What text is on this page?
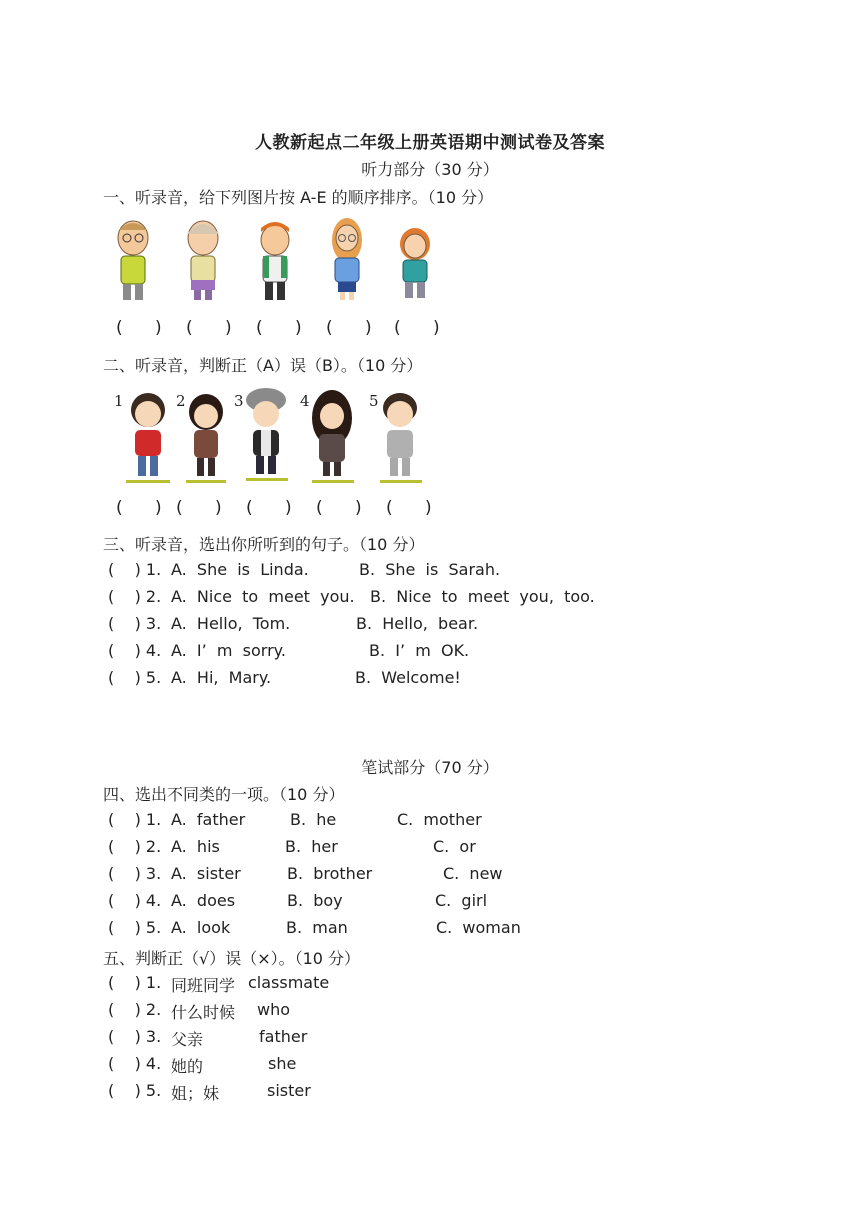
人教新起点二年级上册英语期中测试卷及答案
听力部分（30 分）
一、听录音，给下列图片按 A-E 的顺序排序。（10 分）
(      ) (      ) (      ) (      ) (      )
二、听录音，判断正（A）误（B）。（10 分）
1	2	3	4	5
(      ) (      ) (      ) (      ) (      )
三、听录音，选出你所听到的句子。（10 分）
(    ) 1. A.  She  is  Linda.	B.  She  is  Sarah.
(    ) 2. A.  Nice  to  meet  you. B.  Nice  to  meet  you,  too.
(    ) 3. A.  Hello,  Tom.	B.  Hello,  bear.
(    ) 4. A.  I’  m  sorry.	B.  I’  m  OK.
(    ) 5. A.  Hi,  Mary.	B.  Welcome!
笔试部分（70 分）
四、选出不同类的一项。（10 分）
(    ) 1. A.  father	B.  he	C.  mother
(    ) 2. A.  his	B.  her	C.  or
(    ) 3. A.  sister	B.  brother	C.  new
(    ) 4. A.  does	B.  boy	C.  girl
(    ) 5. A.  look	B.  man	C.  woman
五、判断正（√）误（×）。（10 分）
(    ) 1. 同班同学 classmate
(    ) 2. 什么时候 who
(    ) 3. 父亲	father
(    ) 4. 她的	she
(    ) 5. 姐；妹	sister
